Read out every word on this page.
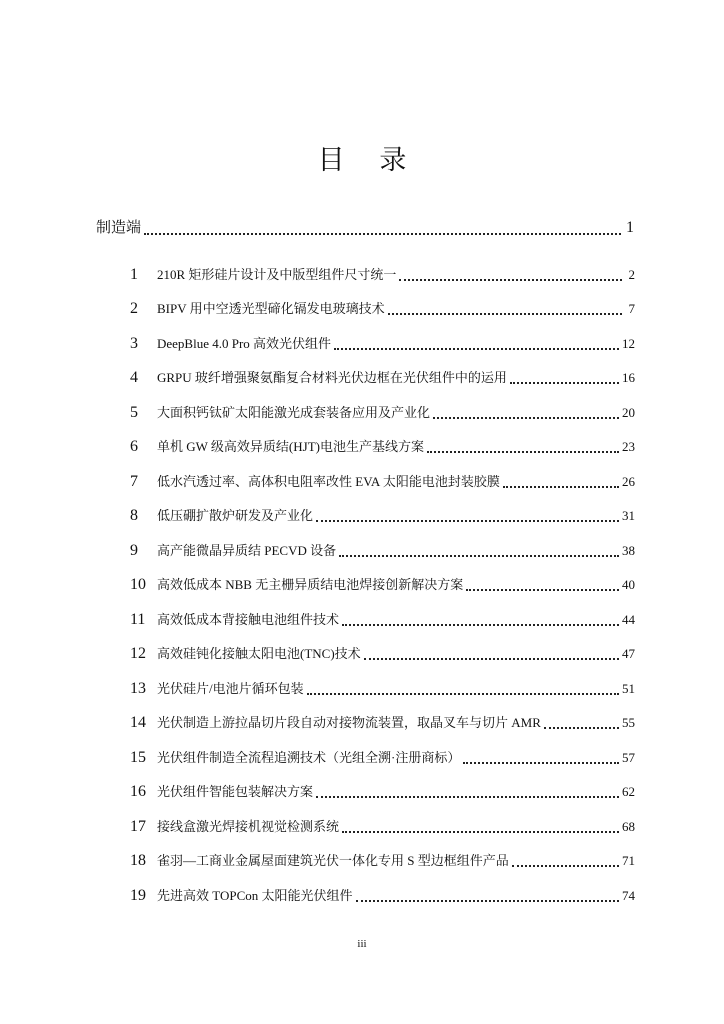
目 录
制造端	1
1	210R 矩形硅片设计及中版型组件尺寸统一	2
2	BIPV 用中空透光型碲化镉发电玻璃技术	7
3	DeepBlue 4.0 Pro 高效光伏组件	12
4	GRPU 玻纤增强聚氨酯复合材料光伏边框在光伏组件中的运用	16
5	大面积钙钛矿太阳能激光成套装备应用及产业化	20
6	单机 GW 级高效异质结(HJT)电池生产基线方案	23
7	低水汽透过率、高体积电阻率改性 EVA 太阳能电池封装胶膜	26
8	低压硼扩散炉研发及产业化	31
9	高产能微晶异质结 PECVD 设备	38
10 高效低成本 NBB 无主栅异质结电池焊接创新解决方案	40
11 高效低成本背接触电池组件技术	44
12 高效硅钝化接触太阳电池(TNC)技术	47
13 光伏硅片/电池片循环包装	51
14 光伏制造上游拉晶切片段自动对接物流装置，取晶叉车与切片 AMR	55
15 光伏组件制造全流程追溯技术（光组全溯·注册商标）	57
16 光伏组件智能包装解决方案	62
17 接线盒激光焊接机视觉检测系统	68
18 雀羽—工商业金属屋面建筑光伏一体化专用 S 型边框组件产品	71
19 先进高效 TOPCon 太阳能光伏组件	74
iii
